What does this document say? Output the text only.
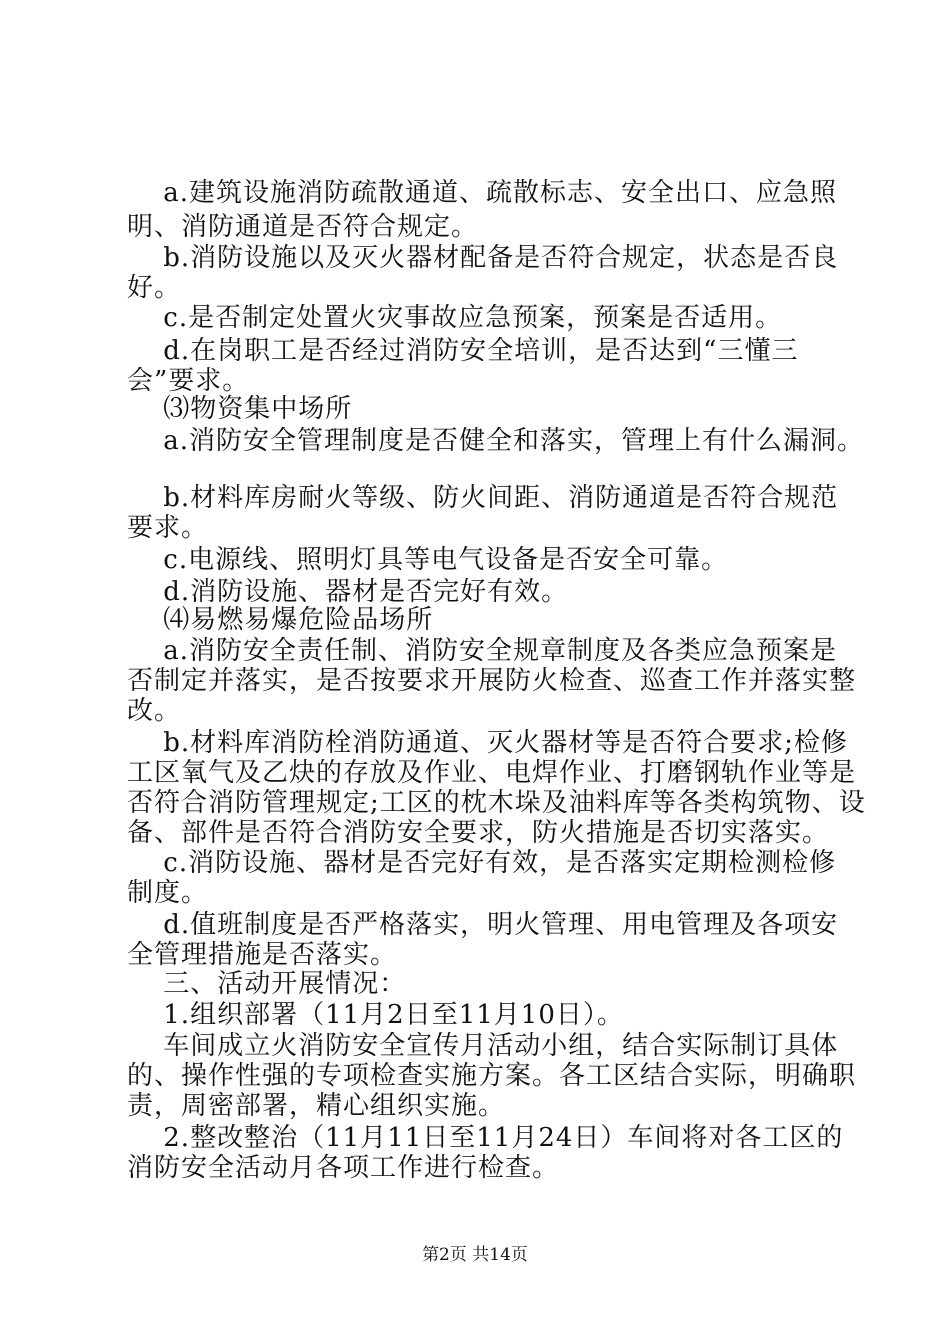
　 a.建筑设施消防疏散通道、疏散标志、安全出口、应急照
明、消防通道是否符合规定。
　 b.消防设施以及灭火器材配备是否符合规定，状态是否良
好。
　 c.是否制定处置火灾事故应急预案，预案是否适用。
　 d.在岗职工是否经过消防安全培训，是否达到“三懂三
会”要求。
　 ⑶物资集中场所
　 a.消防安全管理制度是否健全和落实，管理上有什么漏洞。
　 b.材料库房耐火等级、防火间距、消防通道是否符合规范
要求。
　 c.电源线、照明灯具等电气设备是否安全可靠。
　 d.消防设施、器材是否完好有效。
　 ⑷易燃易爆危险品场所
　 a.消防安全责任制、消防安全规章制度及各类应急预案是
否制定并落实，是否按要求开展防火检查、巡查工作并落实整
改。
　 b.材料库消防栓消防通道、灭火器材等是否符合要求;检修
工区氧气及乙炔的存放及作业、电焊作业、打磨钢轨作业等是
否符合消防管理规定;工区的枕木垛及油料库等各类构筑物、设
备、部件是否符合消防安全要求，防火措施是否切实落实。
　 c.消防设施、器材是否完好有效，是否落实定期检测检修
制度。
　 d.值班制度是否严格落实，明火管理、用电管理及各项安
全管理措施是否落实。
　 三、活动开展情况：
　 1.组织部署（11月2日至11月10日）。
　 车间成立火消防安全宣传月活动小组，结合实际制订具体
的、操作性强的专项检查实施方案。各工区结合实际，明确职
责，周密部署，精心组织实施。
　 2.整改整治（11月11日至11月24日）车间将对各工区的
消防安全活动月各项工作进行检查。
第2页 共14页
